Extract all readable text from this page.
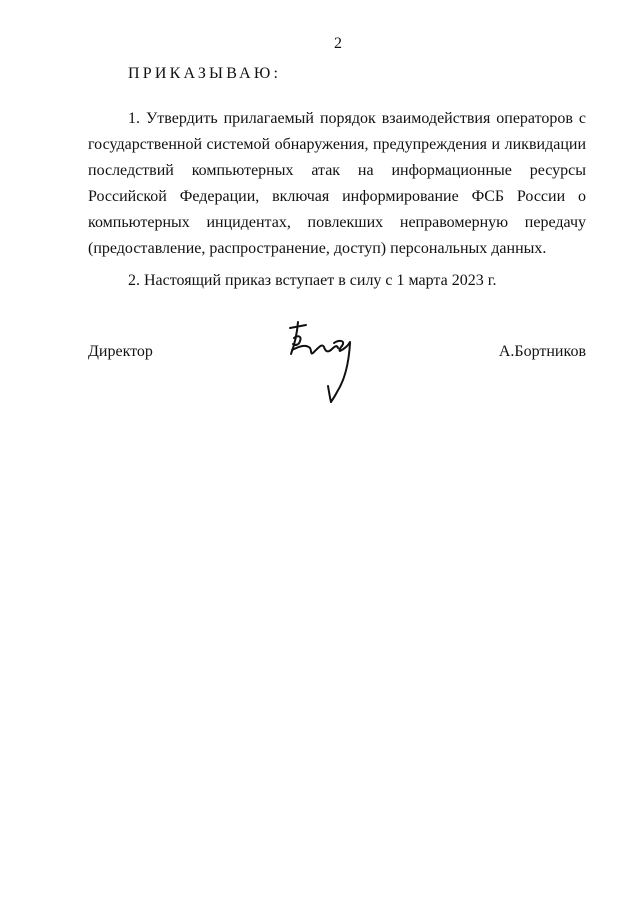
2
ПРИКАЗЫВАЮ:

1. Утвердить прилагаемый порядок взаимодействия операторов с государственной системой обнаружения, предупреждения и ликвидации последствий компьютерных атак на информационные ресурсы Российской Федерации, включая информирование ФСБ России о компьютерных инцидентах, повлекших неправомерную передачу (предоставление, распространение, доступ) персональных данных.

2. Настоящий приказ вступает в силу с 1 марта 2023 г.

Директор	А.Бортников
